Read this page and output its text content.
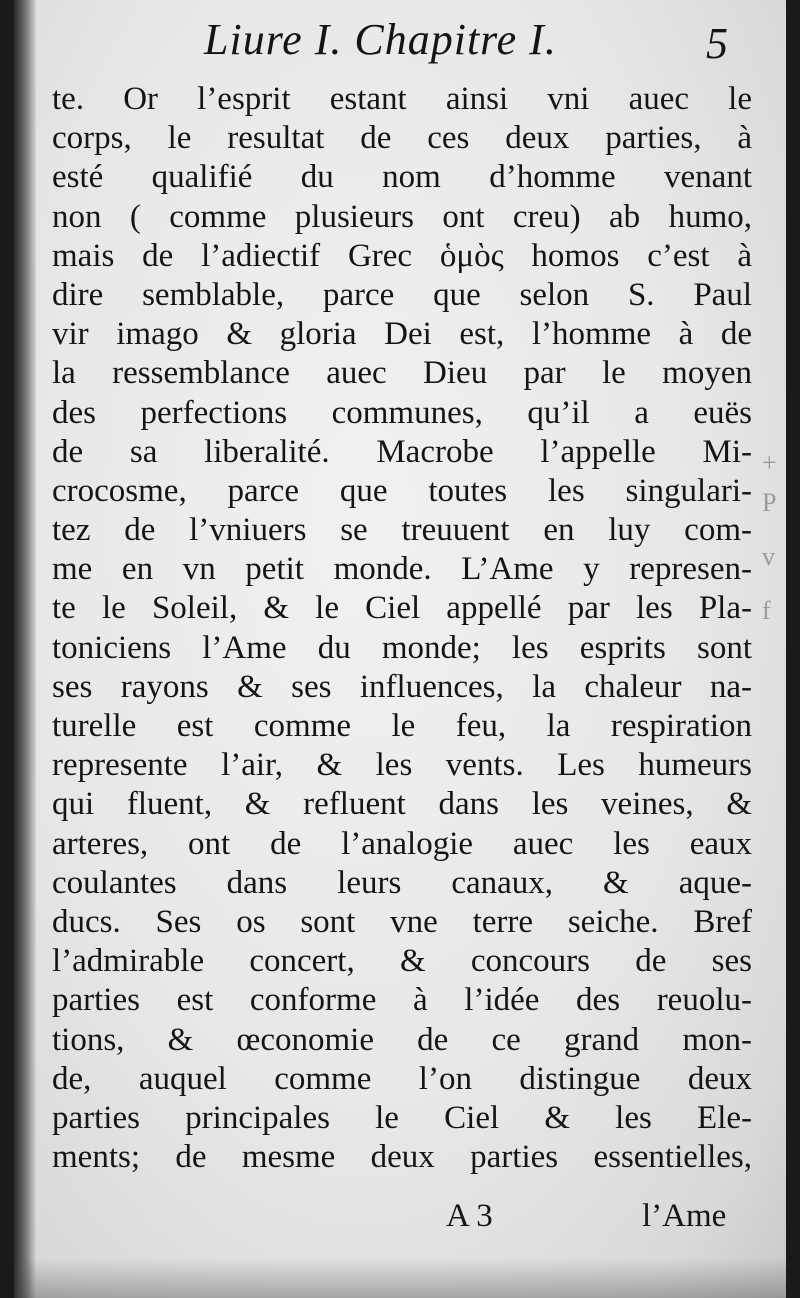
Liure I. Chapitre I.	5
te. Or l’esprit estant ainsi vni auec le
corps, le resultat de ces deux parties, à
esté qualifié du nom d’homme venant
non ( comme plusieurs ont creu) ab humo,
mais de l’adiectif Grec ὁμὸς homos c’est à
dire semblable, parce que selon S. Paul
vir imago & gloria Dei est, l’homme à de
la ressemblance auec Dieu par le moyen
des perfections communes, qu’il a euës
de sa liberalité. Macrobe l’appelle Mi-
crocosme, parce que toutes les singulari-
tez de l’vniuers se treuuent en luy com-
me en vn petit monde. L’Ame y represen-
te le Soleil, & le Ciel appellé par les Pla-
toniciens l’Ame du monde; les esprits sont
ses rayons & ses influences, la chaleur na-
turelle est comme le feu, la respiration
represente l’air, & les vents. Les humeurs
qui fluent, & refluent dans les veines, &
arteres, ont de l’analogie auec les eaux
coulantes dans leurs canaux, & aque-
ducs. Ses os sont vne terre seiche. Bref
l’admirable concert, & concours de ses
parties est conforme à l’idée des reuolu-
tions, & œconomie de ce grand mon-
de, auquel comme l’on distingue deux
parties principales le Ciel & les Ele-
ments; de mesme deux parties essentielles,
A 3	l’Ame
+
P
v
f
